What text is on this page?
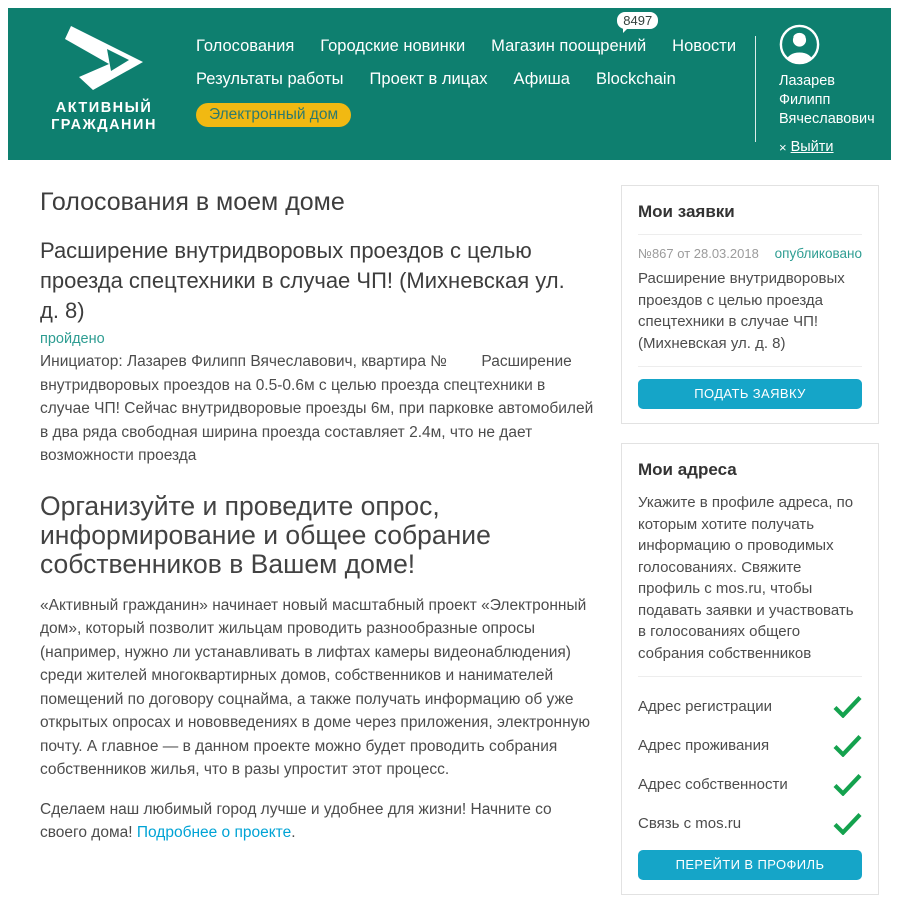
АКТИВНЫЙ
ГРАЖДАНИН
Голосования Городские новинки Магазин поощрений
8497
Новости
Результаты работы Проект в лицах Афиша Blockchain
Электронный дом
Лазарев
Филипп
Вячеславович
× Выйти
Голосования в моем доме
Расширение внутридворовых проездов с целью проезда спецтехники в случае ЧП! (Михневская ул. д. 8)
пройдено

Инициатор: Лазарев Филипп Вячеславович, квартира №        Расширение внутридворовых проездов на 0.5-0.6м с целью проезда спецтехники в случае ЧП! Сейчас внутридворовые проезды 6м, при парковке автомобилей в два ряда свободная ширина проезда составляет 2.4м, что не дает возможности проезда

Организуйте и проведите опрос, информирование и общее собрание собственников в Вашем доме!

«Активный гражданин» начинает новый масштабный проект «Электронный дом», который позволит жильцам проводить разнообразные опросы (например, нужно ли устанавливать в лифтах камеры видеонаблюдения) среди жителей многоквартирных домов, собственников и нанимателей помещений по договору соцнайма, а также получать информацию об уже открытых опросах и нововведениях в доме через приложения, электронную почту. А главное — в данном проекте можно будет проводить собрания собственников жилья, что в разы упростит этот процесс.

Сделаем наш любимый город лучше и удобнее для жизни! Начните со своего дома! Подробнее о проекте.

Мои заявки
№867 от 28.03.2018 опубликовано

Расширение внутридворовых проездов с целью проезда спецтехники в случае ЧП! (Михневская ул. д. 8)

ПОДАТЬ ЗАЯВКУ
Мои адреса

Укажите в профиле адреса, по которым хотите получать информацию о проводимых голосованиях. Свяжите профиль с mos.ru, чтобы подавать заявки и участвовать в голосованиях общего собрания собственников

Адрес регистрации
Адрес проживания
Адрес собственности
Связь с mos.ru
ПЕРЕЙТИ В ПРОФИЛЬ
